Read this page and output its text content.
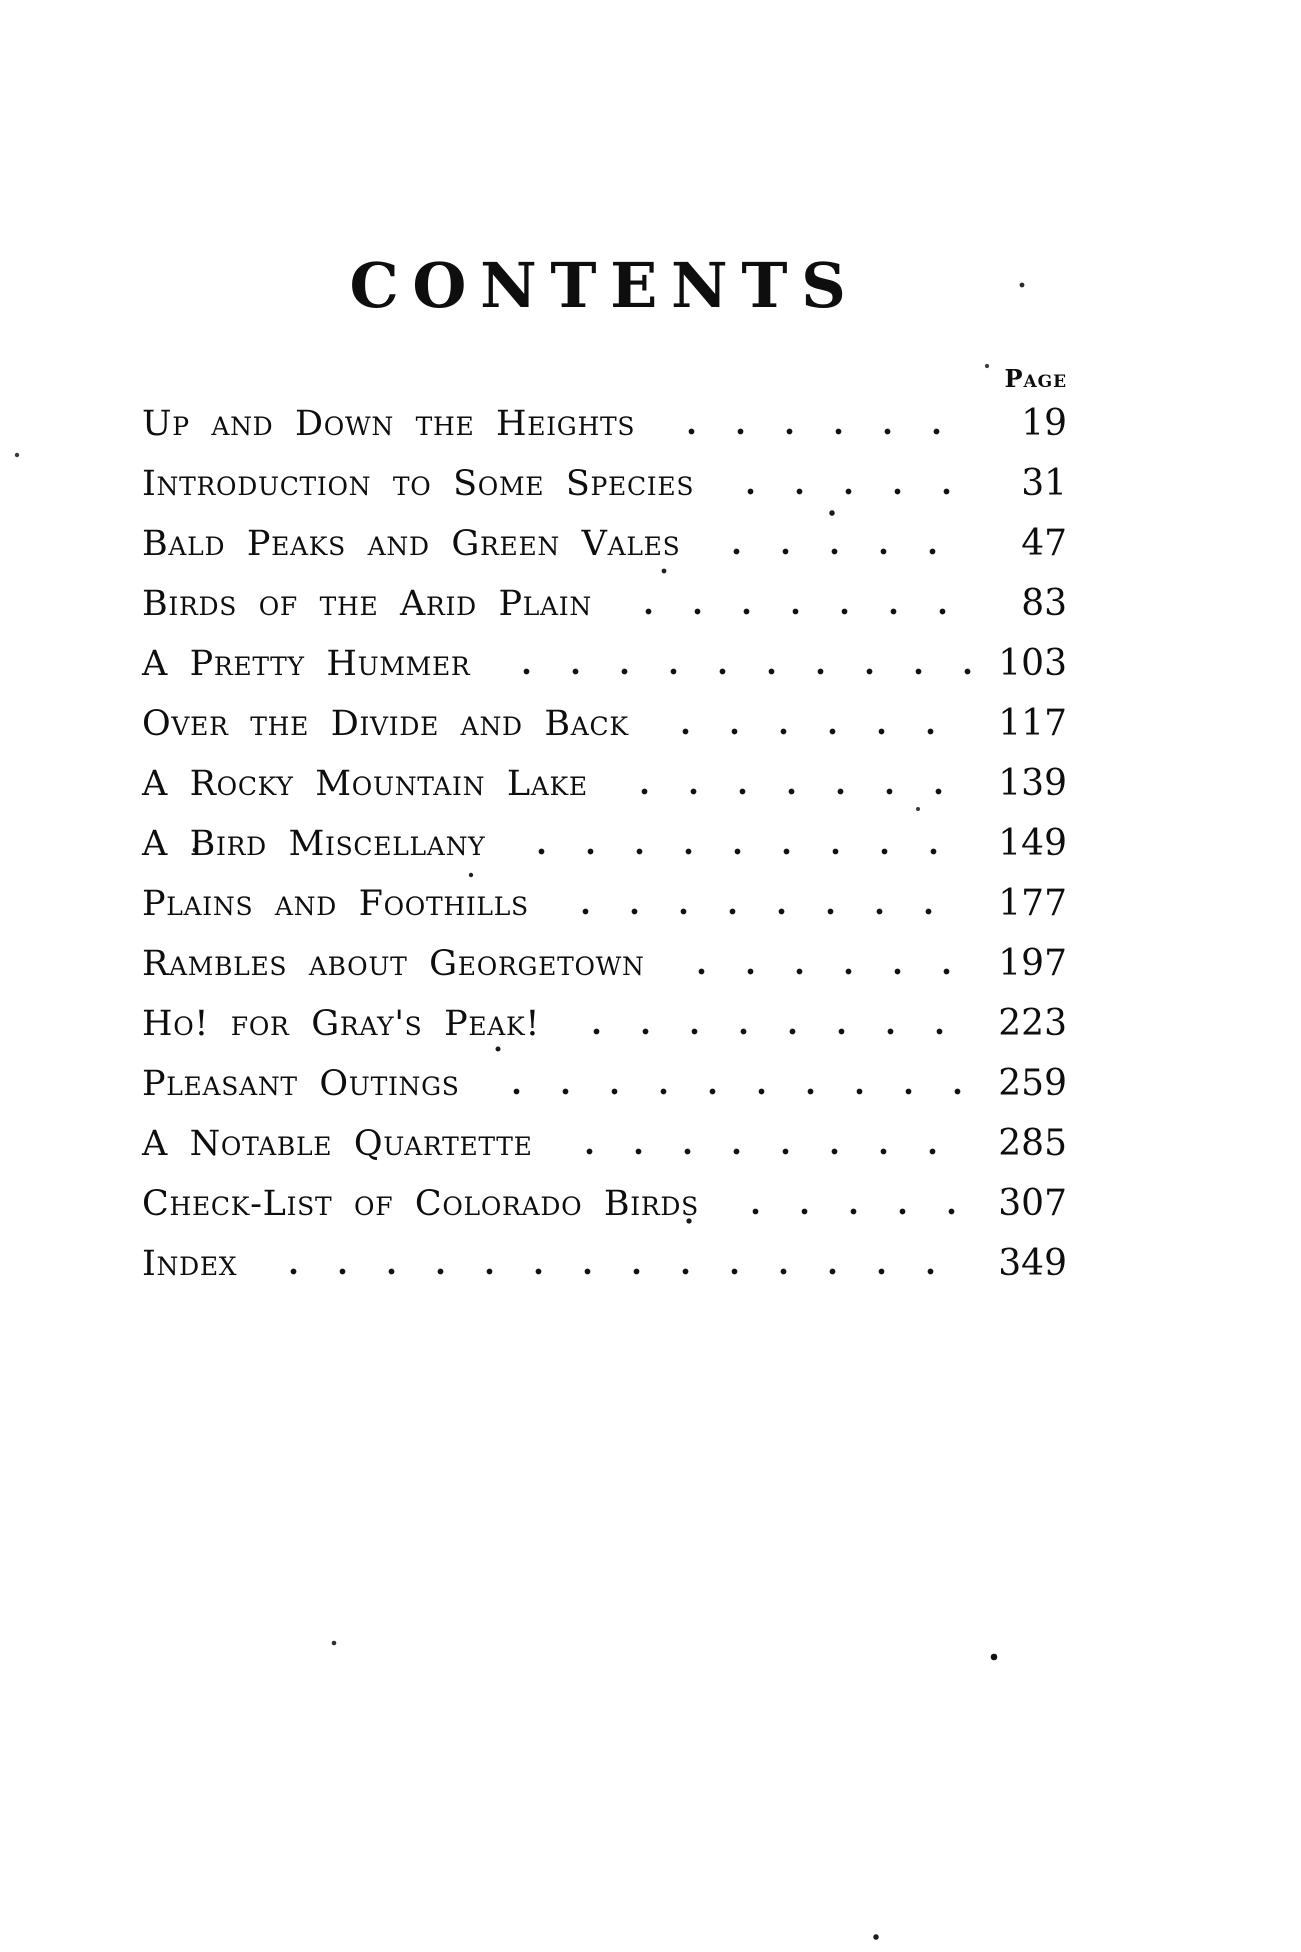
CONTENTS
Page
Up and Down the Heights	19
Introduction to Some Species	31
Bald Peaks and Green Vales	47
Birds of the Arid Plain	83
A Pretty Hummer	103
Over the Divide and Back	117
A Rocky Mountain Lake	139
A Bird Miscellany	149
Plains and Foothills	177
Rambles about Georgetown	197
Ho! for Gray's Peak!	223
Pleasant Outings	259
A Notable Quartette	285
Check-List of Colorado Birds	307
Index	349
